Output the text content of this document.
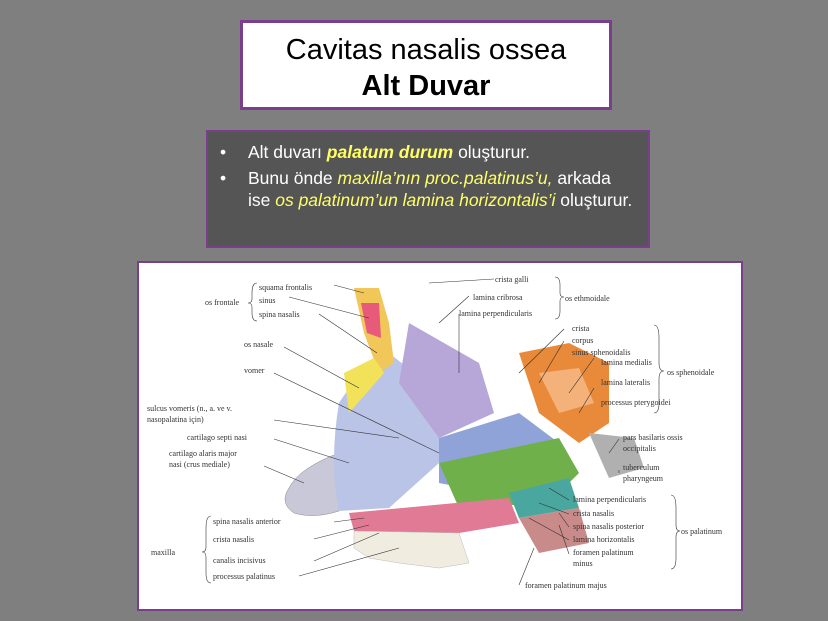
Cavitas nasalis ossea
Alt Duvar
• Alt duvarı palatum durum oluşturur.
• Bunu önde maxilla’nın proc.palatinus’u, arkada ise os palatinum’un lamina horizontalis’i oluşturur.
squama frontalis
sinus
spina nasalis
os frontale
crista galli
lamina cribrosa
lamina perpendicularis
os ethmoidale
crista
corpus
sinus sphenoidalis
lamina medialis
lamina lateralis
processus pterygoidei
os sphenoidale
os nasale
vomer
sulcus vomeris (n., a. ve v.
nasopalatina için)
cartilago septi nasi
cartilago alaris major
nasi (crus mediale)
pars basilaris ossis
occipitalis
tuberculum
pharyngeum
lamina perpendicularis
crista nasalis
spina nasalis posterior
lamina horizontalis
foramen palatinum
minus
os palatinum
spina nasalis anterior
crista nasalis
maxilla
canalis incisivus
processus palatinus
foramen palatinum majus
